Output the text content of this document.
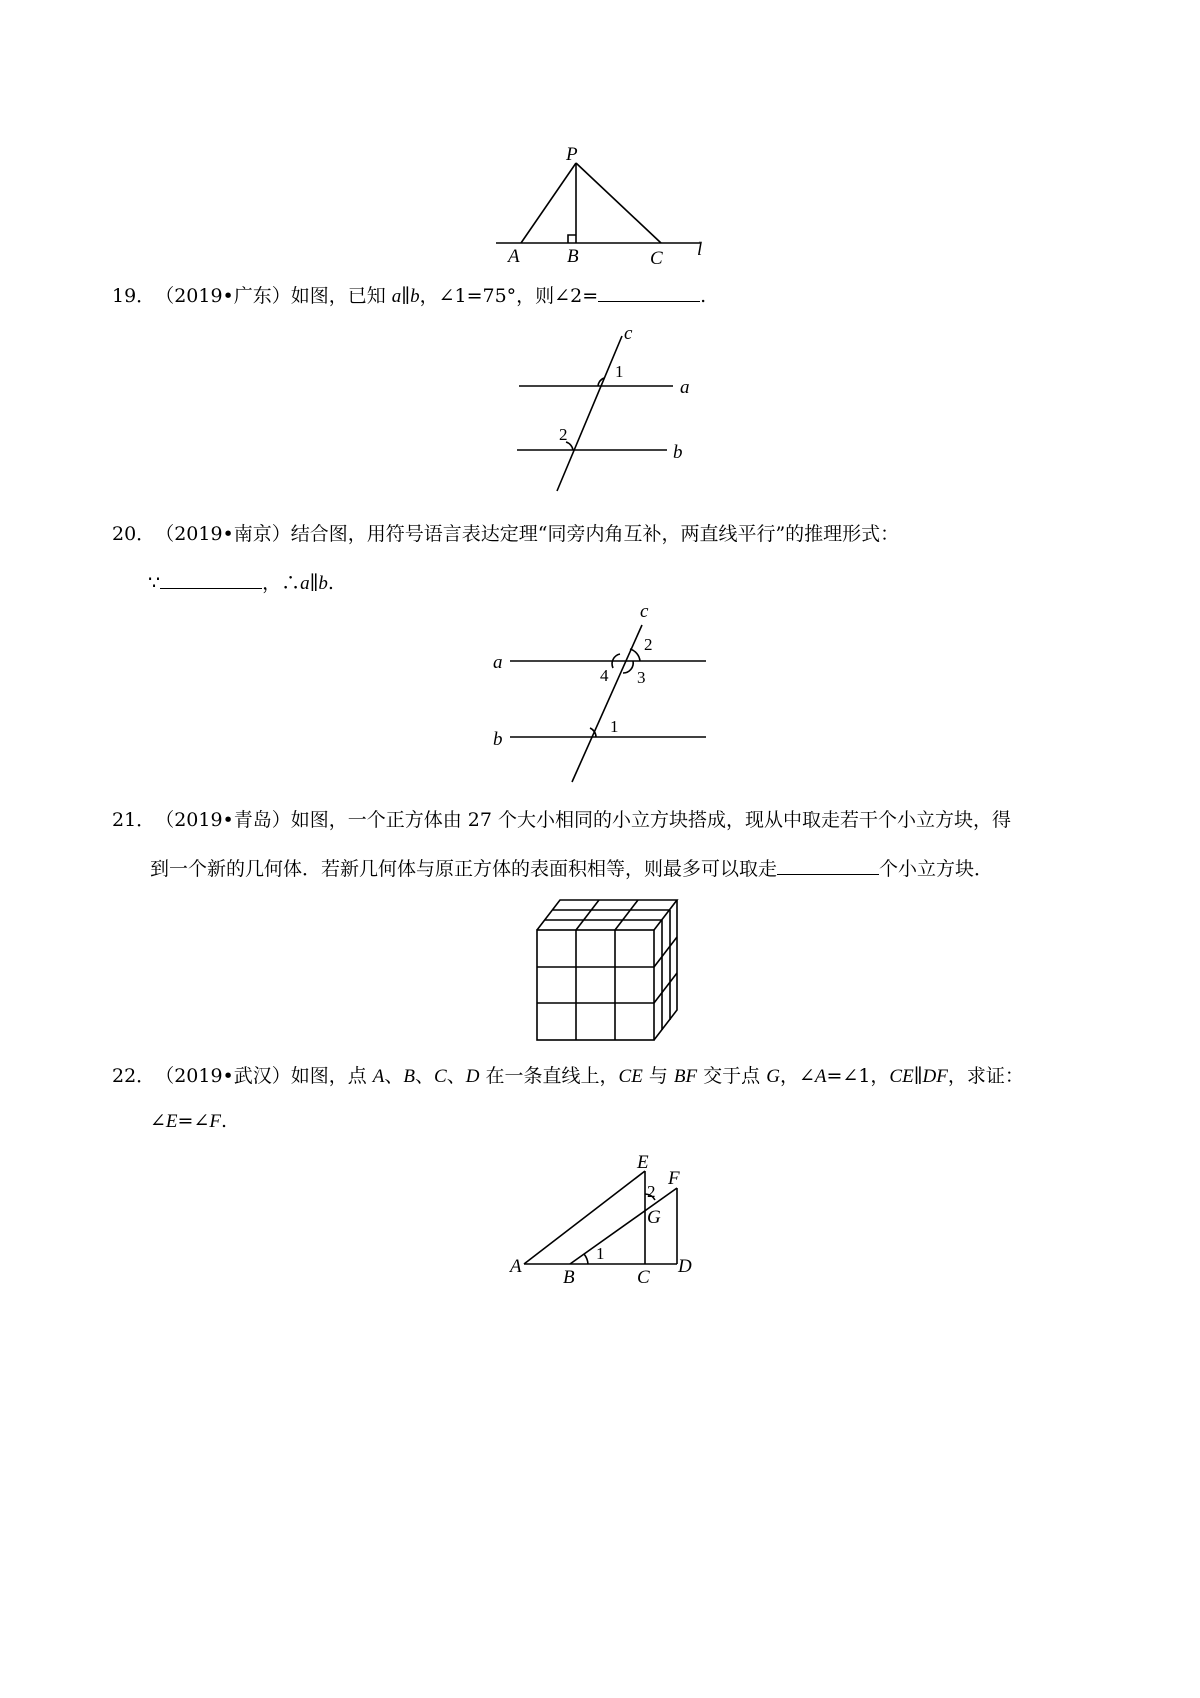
P
A B	C l
19．（2019•广东）如图，已知 a∥b，∠1=75°，则∠2=	.
c
a
b
1
2
20．（2019•南京）结合图，用符号语言表达定理“同旁内角互补，两直线平行”的推理形式：
∵	，∴a∥b.
c
a
b
2
3
4
1
21．（2019•青岛）如图，一个正方体由 27 个大小相同的小立方块搭成，现从中取走若干个小立方块，得
到一个新的几何体．若新几何体与原正方体的表面积相等，则最多可以取走	个小立方块．
22．（2019•武汉）如图，点 A、B、C、D 在一条直线上，CE 与 BF 交于点 G，∠A=∠1，CE∥DF，求证：
∠E=∠F.
E
F
G
2
A
B	C
D
1
